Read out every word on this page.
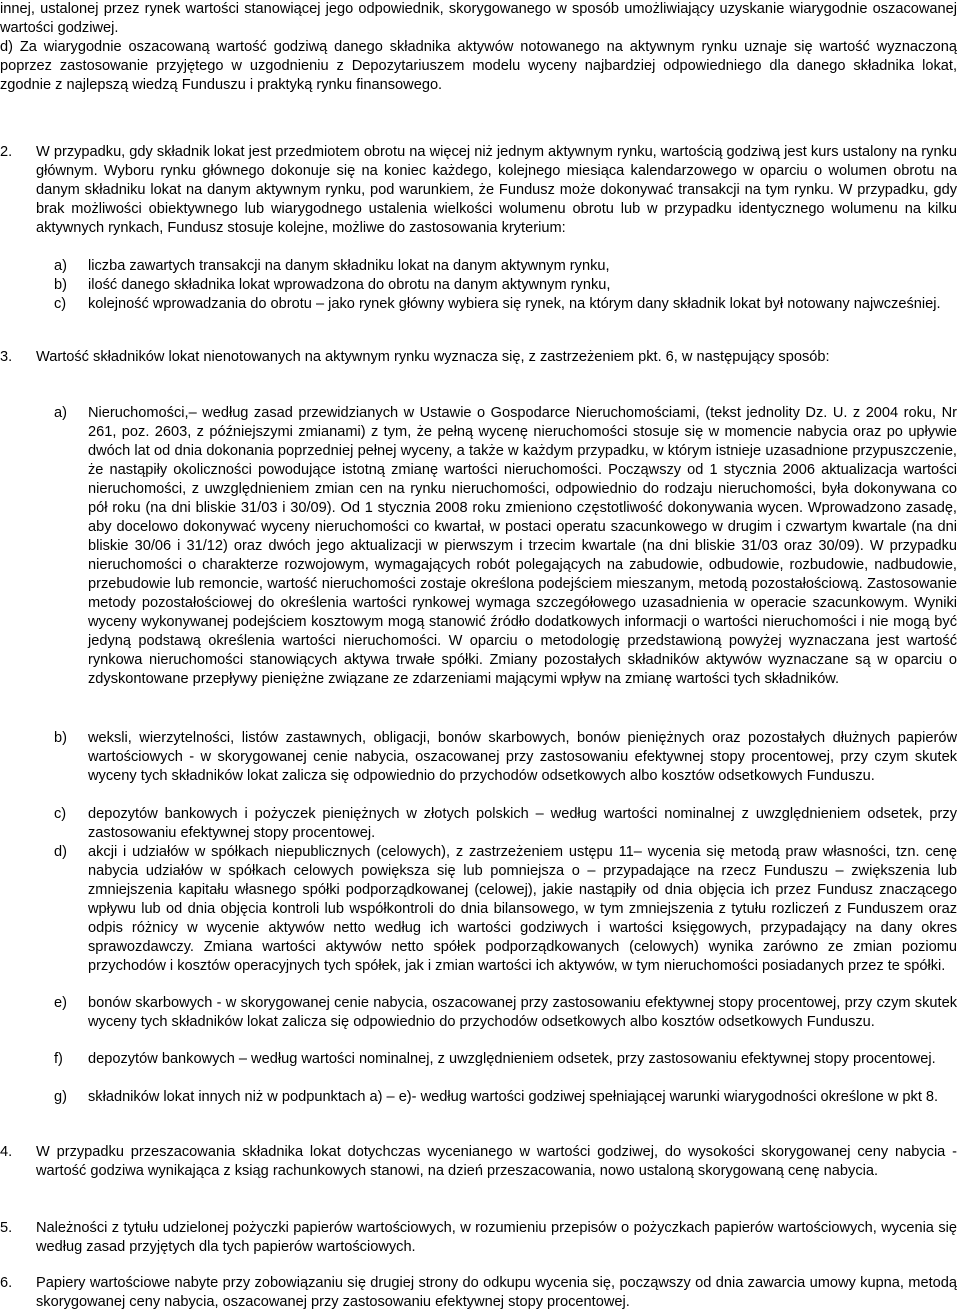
innej, ustalonej przez rynek wartości stanowiącej jego odpowiednik, skorygowanego w sposób umożliwiający uzyskanie wiarygodnie oszacowanej wartości godziwej.
d) Za wiarygodnie oszacowaną wartość godziwą danego składnika aktywów notowanego na aktywnym rynku uznaje się wartość wyznaczoną poprzez zastosowanie przyjętego w uzgodnieniu z Depozytariuszem modelu wyceny najbardziej odpowiedniego dla danego składnika lokat, zgodnie z najlepszą wiedzą Funduszu i praktyką rynku finansowego.
2.	W przypadku, gdy składnik lokat jest przedmiotem obrotu na więcej niż jednym aktywnym rynku, wartością godziwą jest kurs ustalony na rynku głównym. Wyboru rynku głównego dokonuje się na koniec każdego, kolejnego miesiąca kalendarzowego w oparciu o wolumen obrotu na danym składniku lokat na danym aktywnym rynku, pod warunkiem, że Fundusz może dokonywać transakcji na tym rynku. W przypadku, gdy brak możliwości obiektywnego lub wiarygodnego ustalenia wielkości wolumenu obrotu lub w przypadku identycznego wolumenu na kilku aktywnych rynkach, Fundusz stosuje kolejne, możliwe do zastosowania kryterium:
a)	liczba zawartych transakcji na danym składniku lokat na danym aktywnym rynku,
b)	ilość danego składnika lokat wprowadzona do obrotu na danym aktywnym rynku,
c)	kolejność wprowadzania do obrotu – jako rynek główny wybiera się rynek, na którym dany składnik lokat był notowany najwcześniej.
3.	Wartość składników lokat nienotowanych na aktywnym rynku wyznacza się, z zastrzeżeniem pkt. 6, w następujący sposób:
a)	Nieruchomości,– według zasad przewidzianych w Ustawie o Gospodarce Nieruchomościami, (tekst jednolity Dz. U. z 2004 roku, Nr 261, poz. 2603, z późniejszymi zmianami) z tym, że pełną wycenę nieruchomości stosuje się w momencie nabycia oraz po upływie dwóch lat od dnia dokonania poprzedniej pełnej wyceny, a także w każdym przypadku, w którym istnieje uzasadnione przypuszczenie, że nastąpiły okoliczności powodujące istotną zmianę wartości nieruchomości. Począwszy od 1 stycznia 2006 aktualizacja wartości nieruchomości, z uwzględnieniem zmian cen na rynku nieruchomości, odpowiednio do rodzaju nieruchomości, była dokonywana co pół roku (na dni bliskie 31/03 i 30/09). Od 1 stycznia 2008 roku zmieniono częstotliwość dokonywania wycen. Wprowadzono zasadę, aby docelowo dokonywać wyceny nieruchomości co kwartał, w postaci operatu szacunkowego w drugim i czwartym kwartale (na dni bliskie 30/06 i 31/12) oraz dwóch jego aktualizacji w pierwszym i trzecim kwartale (na dni bliskie 31/03 oraz 30/09). W przypadku nieruchomości o charakterze rozwojowym, wymagających robót polegających na zabudowie, odbudowie, rozbudowie, nadbudowie, przebudowie lub remoncie, wartość nieruchomości zostaje określona podejściem mieszanym, metodą pozostałościową. Zastosowanie metody pozostałościowej do określenia wartości rynkowej wymaga szczegółowego uzasadnienia w operacie szacunkowym. Wyniki wyceny wykonywanej podejściem kosztowym mogą stanowić źródło dodatkowych informacji o wartości nieruchomości i nie mogą być jedyną podstawą określenia wartości nieruchomości. W oparciu o metodologię przedstawioną powyżej wyznaczana jest wartość rynkowa nieruchomości stanowiących aktywa trwałe spółki. Zmiany pozostałych składników aktywów wyznaczane są w oparciu o zdyskontowane przepływy pieniężne związane ze zdarzeniami mającymi wpływ na zmianę wartości tych składników.
b)	weksli, wierzytelności, listów zastawnych, obligacji, bonów skarbowych, bonów pieniężnych oraz pozostałych dłużnych papierów wartościowych - w skorygowanej cenie nabycia, oszacowanej przy zastosowaniu efektywnej stopy procentowej, przy czym skutek wyceny tych składników lokat zalicza się odpowiednio do przychodów odsetkowych albo kosztów odsetkowych Funduszu.
c)	depozytów bankowych i pożyczek pieniężnych w złotych polskich – według wartości nominalnej z uwzględnieniem odsetek, przy zastosowaniu efektywnej stopy procentowej.
d)	akcji i udziałów w spółkach niepublicznych (celowych), z zastrzeżeniem ustępu 11– wycenia się metodą praw własności, tzn. cenę nabycia udziałów w spółkach celowych powiększa się lub pomniejsza o – przypadające na rzecz Funduszu – zwiększenia lub zmniejszenia kapitału własnego spółki podporządkowanej (celowej), jakie nastąpiły od dnia objęcia ich przez Fundusz znaczącego wpływu lub od dnia objęcia kontroli lub współkontroli do dnia bilansowego, w tym zmniejszenia z tytułu rozliczeń z Funduszem oraz odpis różnicy w wycenie aktywów netto według ich wartości godziwych i wartości księgowych, przypadający na dany okres sprawozdawczy. Zmiana wartości aktywów netto spółek podporządkowanych (celowych) wynika zarówno ze zmian poziomu przychodów i kosztów operacyjnych tych spółek, jak i zmian wartości ich aktywów, w tym nieruchomości posiadanych przez te spółki.
e)	bonów skarbowych - w skorygowanej cenie nabycia, oszacowanej przy zastosowaniu efektywnej stopy procentowej, przy czym skutek wyceny tych składników lokat zalicza się odpowiednio do przychodów odsetkowych albo kosztów odsetkowych Funduszu.
f)	depozytów bankowych – według wartości nominalnej, z uwzględnieniem odsetek, przy zastosowaniu efektywnej stopy procentowej.
g)	składników lokat innych niż w podpunktach a) – e)- według wartości godziwej spełniającej warunki wiarygodności określone w pkt 8.
4.	W przypadku przeszacowania składnika lokat dotychczas wycenianego w wartości godziwej, do wysokości skorygowanej ceny nabycia - wartość godziwa wynikająca z ksiąg rachunkowych stanowi, na dzień przeszacowania, nowo ustaloną skorygowaną cenę nabycia.
5.	Należności z tytułu udzielonej pożyczki papierów wartościowych, w rozumieniu przepisów o pożyczkach papierów wartościowych, wycenia się według zasad przyjętych dla tych papierów wartościowych.
6.	Papiery wartościowe nabyte przy zobowiązaniu się drugiej strony do odkupu wycenia się, począwszy od dnia zawarcia umowy kupna, metodą skorygowanej ceny nabycia, oszacowanej przy zastosowaniu efektywnej stopy procentowej.
